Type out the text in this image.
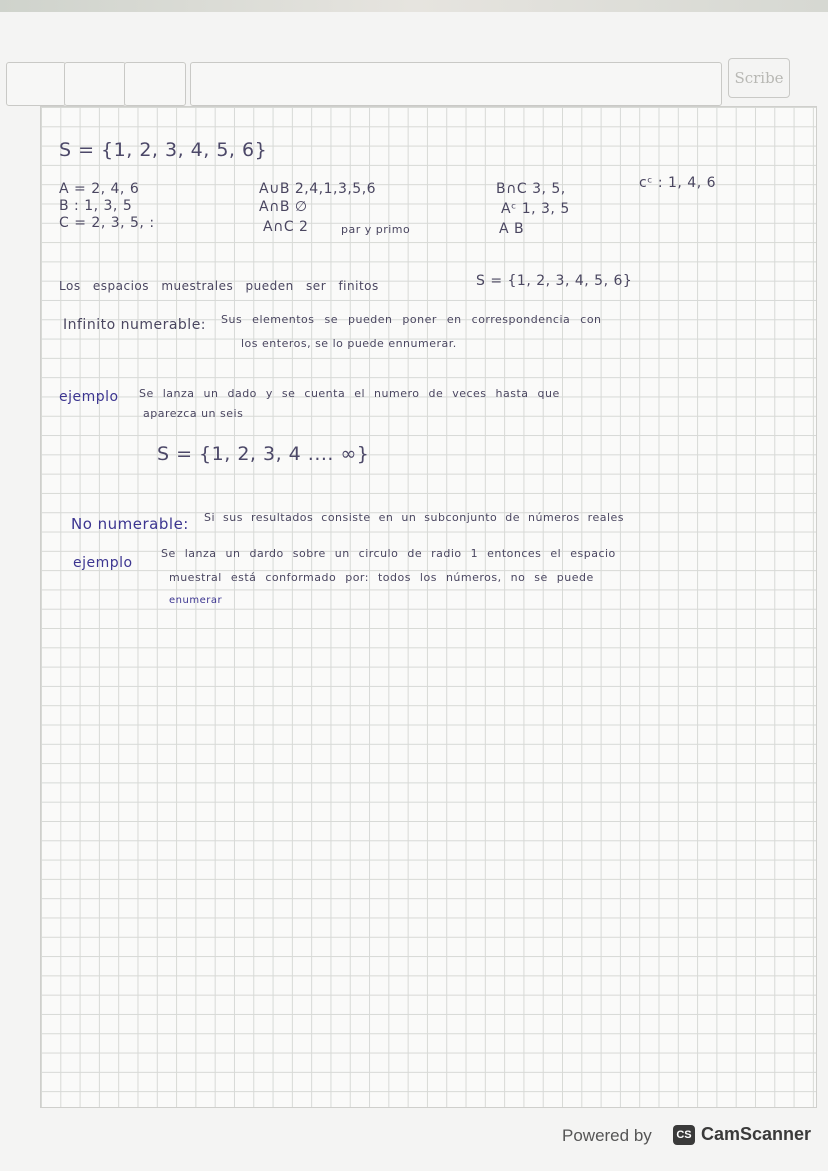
Scribe
S = {1, 2, 3, 4, 5, 6}
A = 2, 4, 6
B : 1, 3, 5
C = 2, 3, 5, :
A∪B 2,4,1,3,5,6
A∩B ∅
A∩C 2	par y primo
B∩C 3, 5,
Aᶜ 1, 3, 5
A B
cᶜ : 1, 4, 6
Los espacios muestrales pueden ser finitos	S = {1, 2, 3, 4, 5, 6}
Infinito numerable: Sus elementos se pueden poner en correspondencia con
los enteros, se lo puede ennumerar.
ejemplo Se lanza un dado y se cuenta el numero de veces hasta que
aparezca un seis
S = {1, 2, 3, 4 .... ∞}
No numerable: Si sus resultados consiste en un subconjunto de números reales
ejemplo
Se lanza un dardo sobre un circulo de radio 1 entonces el espacio
muestral está conformado por: todos los números, no se puede
enumerar
Powered by CS CamScanner
